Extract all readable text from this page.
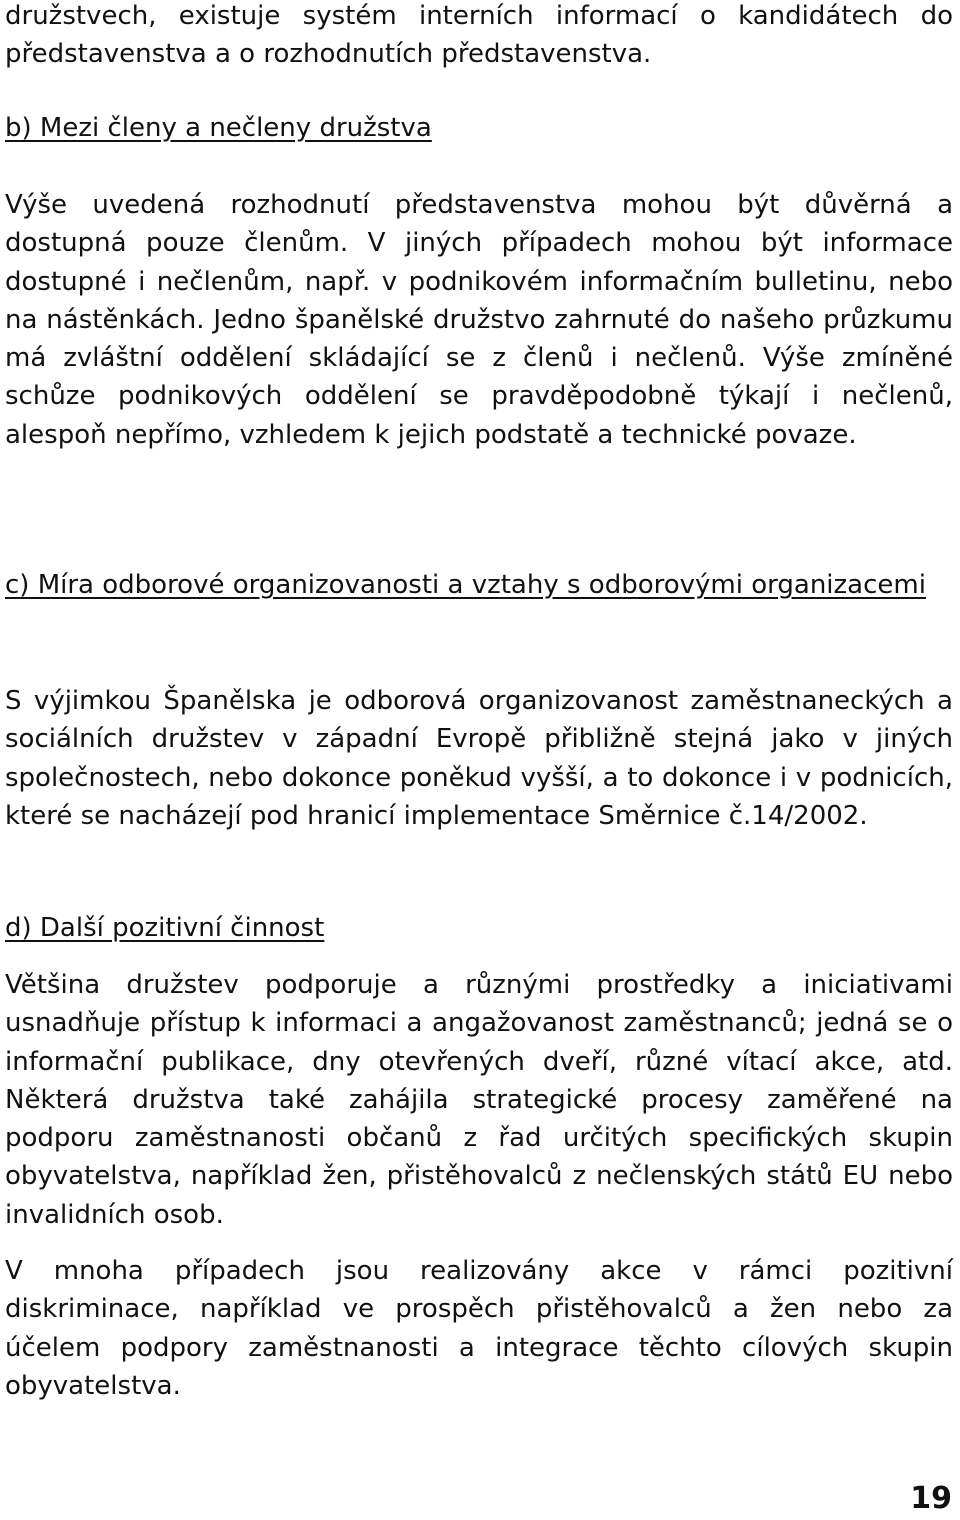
družstvech, existuje systém interních informací o kandidátech do představenstva a o rozhodnutích představenstva.

b) Mezi členy a nečleny družstva

Výše uvedená rozhodnutí představenstva mohou být důvěrná a dostupná pouze členům. V jiných případech mohou být informace dostupné i nečlenům, např. v podnikovém informačním bulletinu, nebo na nástěnkách. Jedno španělské družstvo zahrnuté do našeho průzkumu má zvláštní oddělení skládající se z členů i nečlenů. Výše zmíněné schůze podnikových oddělení se pravděpodobně týkají i nečlenů, alespoň nepřímo, vzhledem k jejich podstatě a technické povaze.

c) Míra odborové organizovanosti a vztahy s odborovými organizacemi

S výjimkou Španělska je odborová organizovanost zaměstnaneckých a sociálních družstev v západní Evropě přibližně stejná jako v jiných společnostech, nebo dokonce poněkud vyšší, a to dokonce i v podnicích, které se nacházejí pod hranicí implementace Směrnice č.14/2002.

d) Další pozitivní činnost

Většina družstev podporuje a různými prostředky a iniciativami usnadňuje přístup k informaci a angažovanost zaměstnanců; jedná se o informační publikace, dny otevřených dveří, různé vítací akce, atd. Některá družstva také zahájila strategické procesy zaměřené na podporu zaměstnanosti občanů z řad určitých specifických skupin obyvatelstva, například žen, přistěhovalců z nečlenských států EU nebo invalidních osob.

V mnoha případech jsou realizovány akce v rámci pozitivní diskriminace, například ve prospěch přistěhovalců a žen nebo za účelem podpory zaměstnanosti a integrace těchto cílových skupin obyvatelstva.

19
